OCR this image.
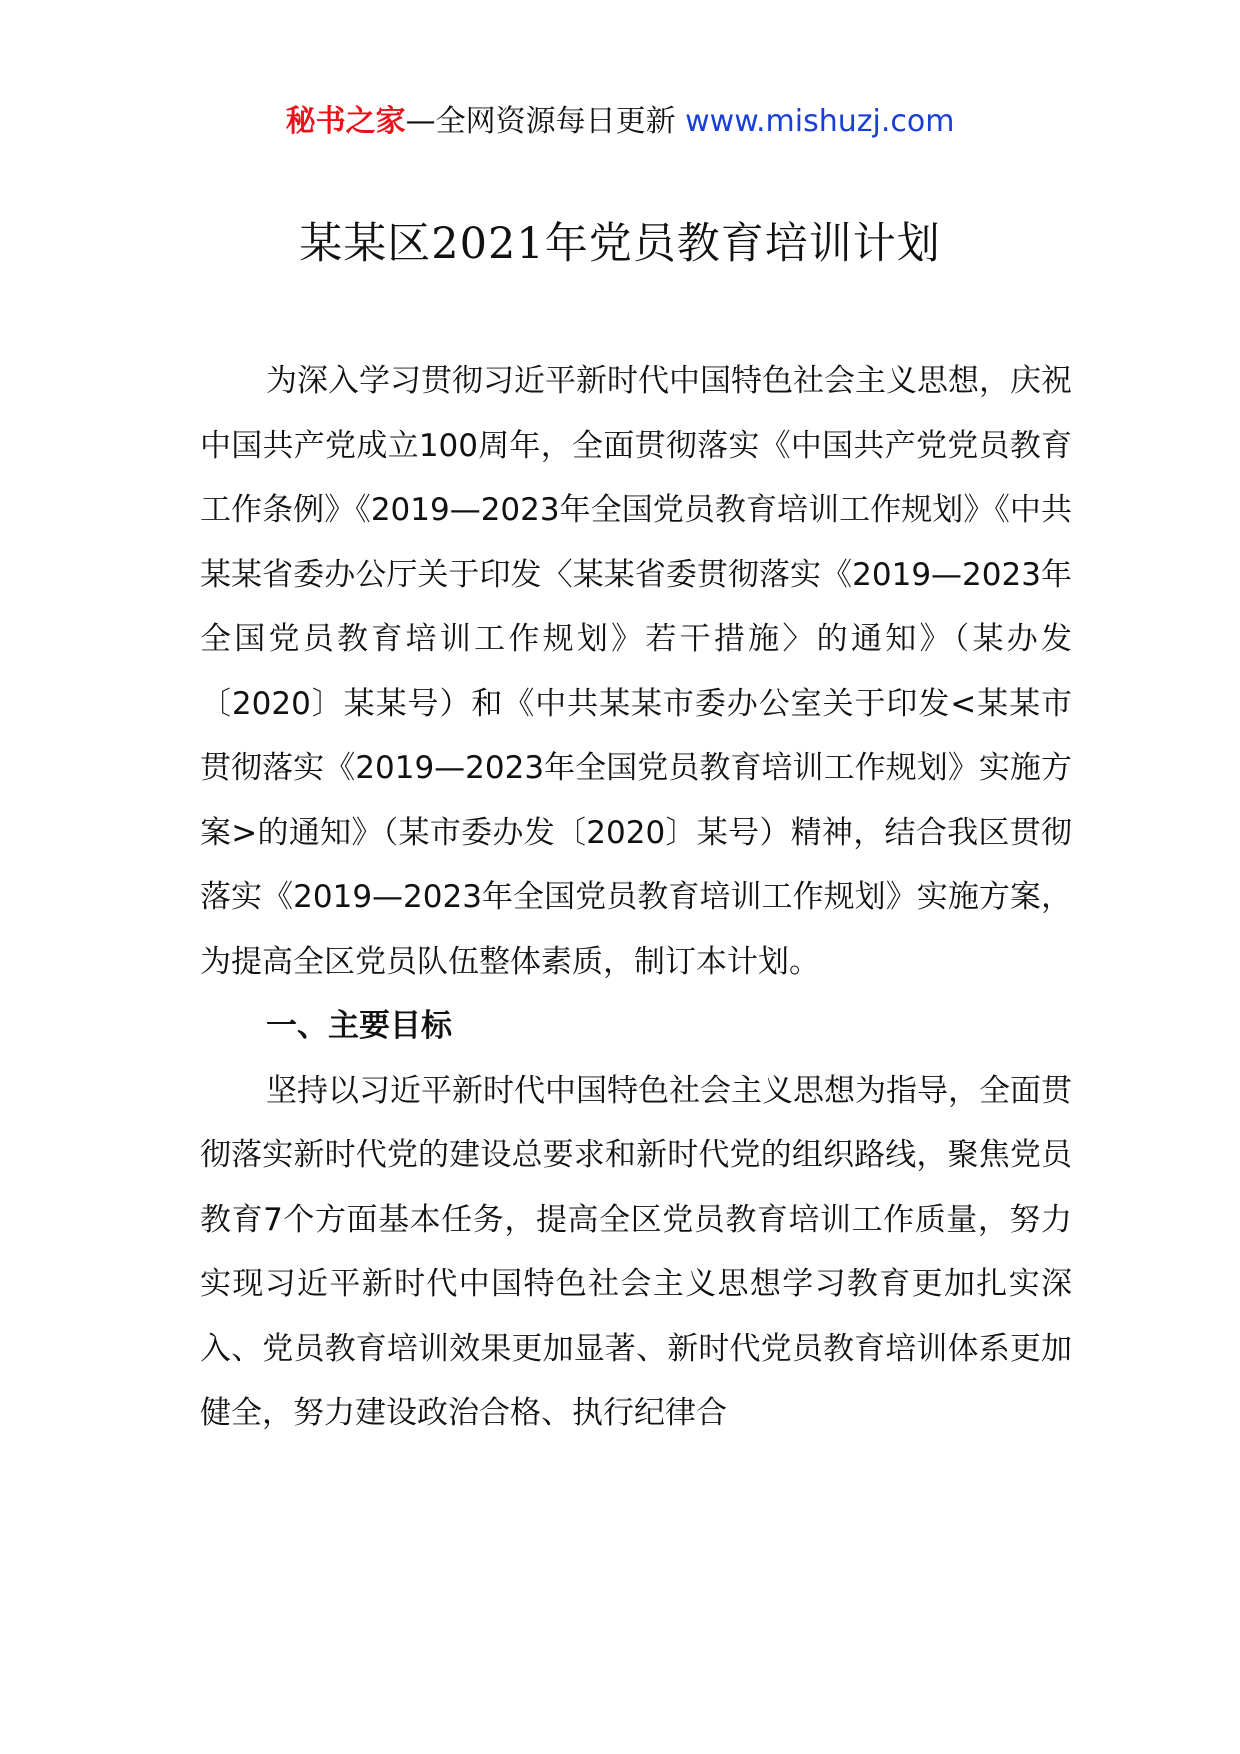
秘书之家—全网资源每日更新 www.mishuzj.com
某某区2021年党员教育培训计划

为深入学习贯彻习近平新时代中国特色社会主义思想，庆祝中国共产党成立100周年，全面贯彻落实《中国共产党党员教育工作条例》《2019—2023年全国党员教育培训工作规划》《中共某某省委办公厅关于印发〈某某省委贯彻落实《2019—2023年全国党员教育培训工作规划》若干措施〉的通知》（某办发〔2020〕某某号）和《中共某某市委办公室关于印发<某某市贯彻落实《2019—2023年全国党员教育培训工作规划》实施方案>的通知》（某市委办发〔2020〕某号）精神，结合我区贯彻落实《2019—2023年全国党员教育培训工作规划》实施方案，为提高全区党员队伍整体素质，制订本计划。

一、主要目标

坚持以习近平新时代中国特色社会主义思想为指导，全面贯彻落实新时代党的建设总要求和新时代党的组织路线，聚焦党员教育7个方面基本任务，提高全区党员教育培训工作质量，努力实现习近平新时代中国特色社会主义思想学习教育更加扎实深入、党员教育培训效果更加显著、新时代党员教育培训体系更加健全，努力建设政治合格、执行纪律合
